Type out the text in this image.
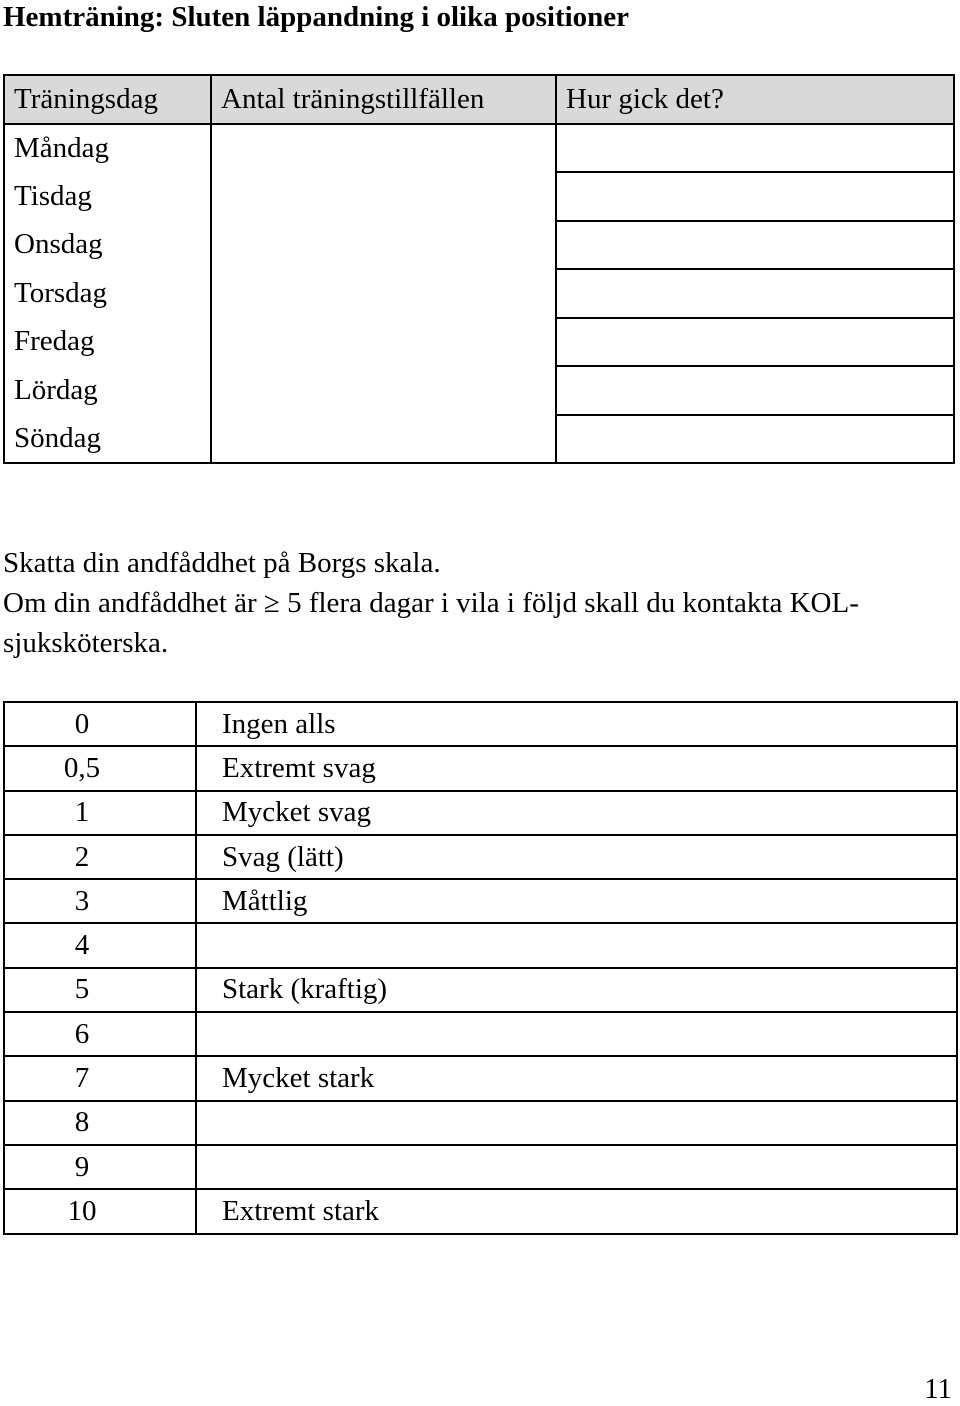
Hemträning: Sluten läppandning i olika positioner
Träningsdag	Antal träningstillfällen	Hur gick det?
Måndag		
Tisdag		
Onsdag		
Torsdag		
Fredag		
Lördag		
Söndag		

Skatta din andfåddhet på Borgs skala.

Om din andfåddhet är ≥ 5 flera dagar i vila i följd skall du kontakta KOL-sjuksköterska.

0	Ingen alls
0,5	Extremt svag
1	Mycket svag
2	Svag (lätt)
3	Måttlig
4	
5	Stark (kraftig)
6	
7	Mycket stark
8	
9	
10	Extremt stark
11
